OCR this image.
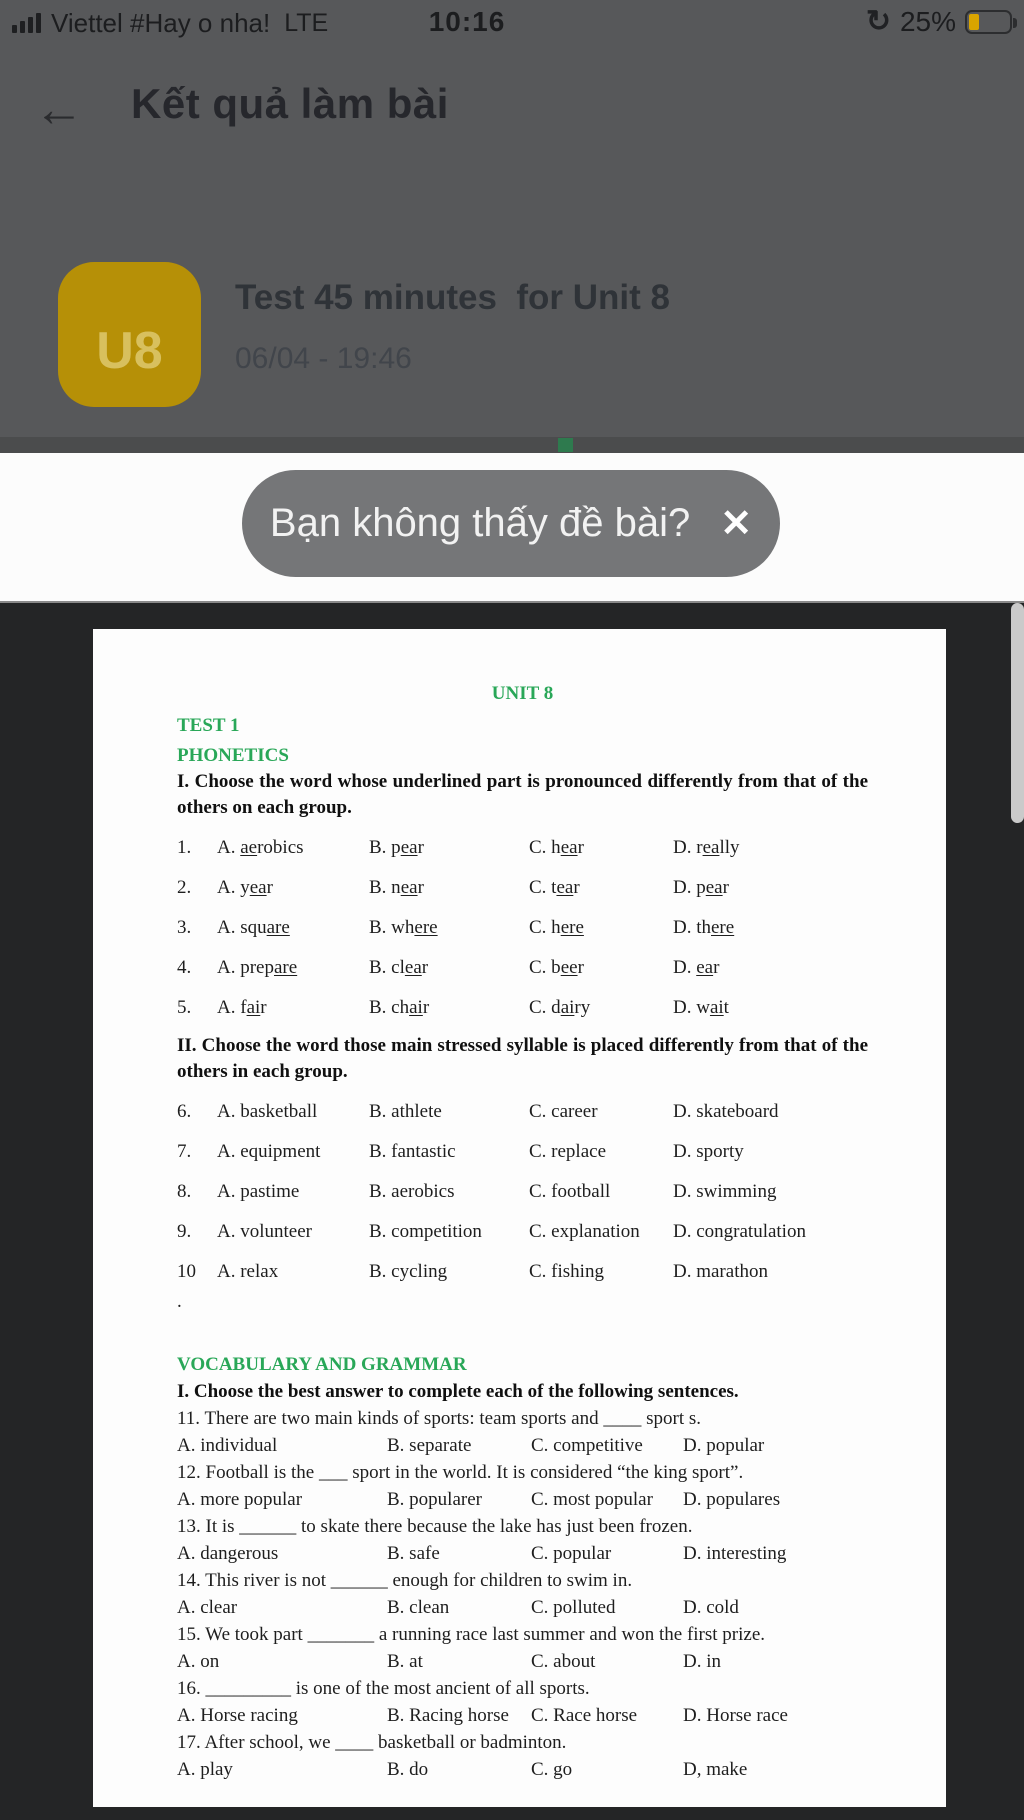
Viettel #Hay o nha! LTE	10:16	↻ 25%
← Kết quả làm bài
U8
Test 45 minutes  for Unit 8
06/04 - 19:46
Bạn không thấy đề bài? ✕
UNIT 8
TEST 1
PHONETICS
I. Choose the word whose underlined part is pronounced differently from that of the others on each group.
1.	A. aerobics	B. pear	C. hear	D. really
2.	A. year	B. near	C. tear	D. pear
3.	A. square	B. where	C. here	D. there
4.	A. prepare	B. clear	C. beer	D. ear
5.	A. fair	B. chair	C. dairy	D. wait
II. Choose the word those main stressed syllable is placed differently from that of the others in each group.
6.	A. basketball	B. athlete	C. career	D. skateboard
7.	A. equipment	B. fantastic	C. replace	D. sporty
8.	A. pastime	B. aerobics	C. football	D. swimming
9.	A. volunteer	B. competition	C. explanation	D. congratulation
10	A. relax	B. cycling	C. fishing	D. marathon
.
VOCABULARY AND GRAMMAR
I. Choose the best answer to complete each of the following sentences.
11. There are two main kinds of sports: team sports and ____ sport s.
A. individual	B. separate	C. competitive	D. popular
12. Football is the ___ sport in the world. It is considered “the king sport”.
A. more popular	B. popularer	C. most popular	D. populares
13. It is ______ to skate there because the lake has just been frozen.
A. dangerous	B. safe	C. popular	D. interesting
14. This river is not ______ enough for children to swim in.
A. clear	B. clean	C. polluted	D. cold
15. We took part _______ a running race last summer and won the first prize.
A. on	B. at	C. about	D. in
16. _________ is one of the most ancient of all sports.
A. Horse racing	B. Racing horse	C. Race horse	D. Horse race
17. After school, we ____ basketball or badminton.
A. play	B. do	C. go	D, make
